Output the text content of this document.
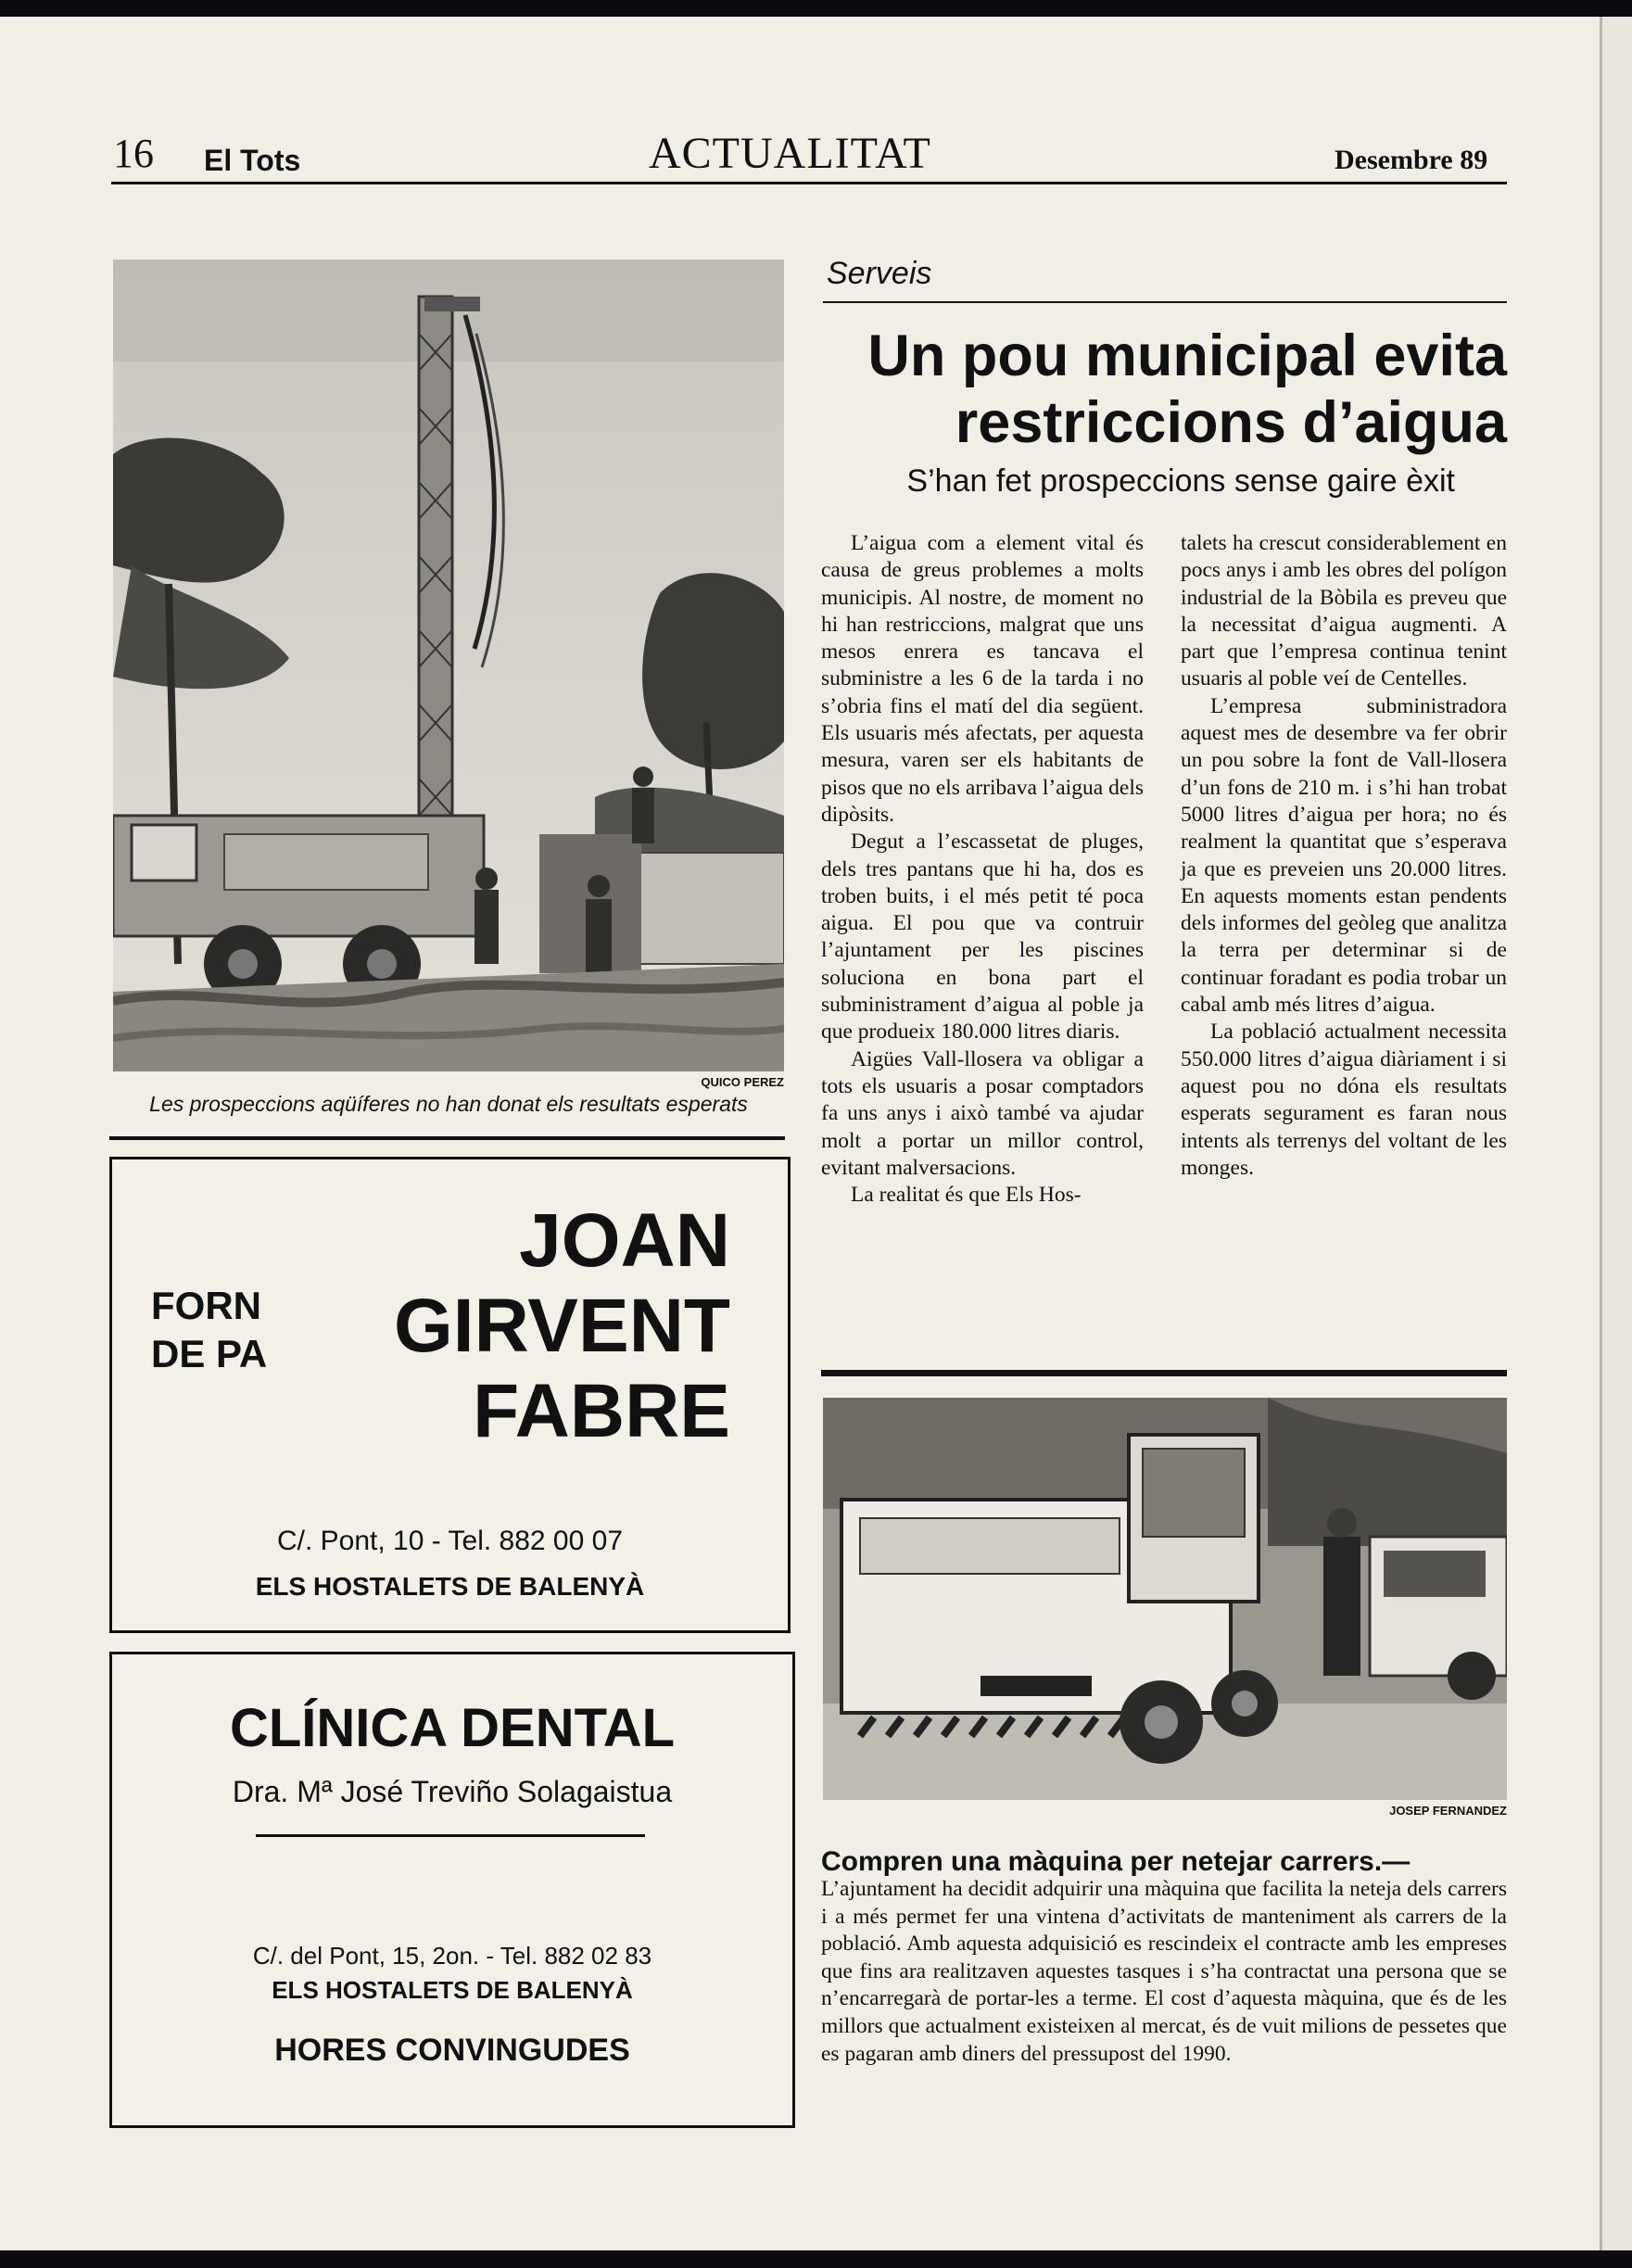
16 El Tots	ACTUALITAT	Desembre 89
QUICO PEREZ
Les prospeccions aqüíferes no han donat els resultats esperats
Serveis
Un pou municipal evita restriccions d’aigua
S’han fet prospeccions sense gaire èxit

L’aigua com a element vital és causa de greus problemes a molts municipis. Al nostre, de moment no hi han restriccions, malgrat que uns mesos enrera es tancava el subministre a les 6 de la tarda i no s’obria fins el matí del dia següent. Els usuaris més afectats, per aquesta mesura, varen ser els habitants de pisos que no els arribava l’aigua dels dipòsits.

Degut a l’escassetat de pluges, dels tres pantans que hi ha, dos es troben buits, i el més petit té poca aigua. El pou que va contruir l’ajuntament per les piscines soluciona en bona part el subministrament d’aigua al poble ja que produeix 180.000 litres diaris.

Aigües Vall-llosera va obligar a tots els usuaris a posar comptadors fa uns anys i això també va ajudar molt a portar un millor control, evitant malversacions.

La realitat és que Els Hos-

talets ha crescut considerablement en pocs anys i amb les obres del polígon industrial de la Bòbila es preveu que la necessitat d’aigua augmenti. A part que l’empresa continua tenint usuaris al poble veí de Centelles.

L’empresa subministradora aquest mes de desembre va fer obrir un pou sobre la font de Vall-llosera d’un fons de 210 m. i s’hi han trobat 5000 litres d’aigua per hora; no és realment la quantitat que s’esperava ja que es preveien uns 20.000 litres. En aquests moments estan pendents dels informes del geòleg que analitza la terra per determinar si de continuar foradant es podia trobar un cabal amb més litres d’aigua.

La població actualment necessita 550.000 litres d’aigua diàriament i si aquest pou no dóna els resultats esperats segurament es faran nous intents als terrenys del voltant de les monges.

JOSEP FERNANDEZ
Compren una màquina per netejar carrers.—
L’ajuntament ha decidit adquirir una màquina que facilita la neteja dels carrers i a més permet fer una vintena d’activitats de manteniment als carrers de la població. Amb aquesta adquisició es rescindeix el contracte amb les empreses que fins ara realitzaven aquestes tasques i s’ha contractat una persona que se n’encarregarà de portar-les a terme. El cost d’aquesta màquina, que és de les millors que actualment existeixen al mercat, és de vuit milions de pessetes que es pagaran amb diners del pressupost del 1990.
FORN
DE PA
JOAN
GIRVENT
FABRE
C/. Pont, 10 - Tel. 882 00 07
ELS HOSTALETS DE BALENYÀ
CLÍNICA DENTAL
Dra. Mª José Treviño Solagaistua
C/. del Pont, 15, 2on. - Tel. 882 02 83
ELS HOSTALETS DE BALENYÀ
HORES CONVINGUDES
